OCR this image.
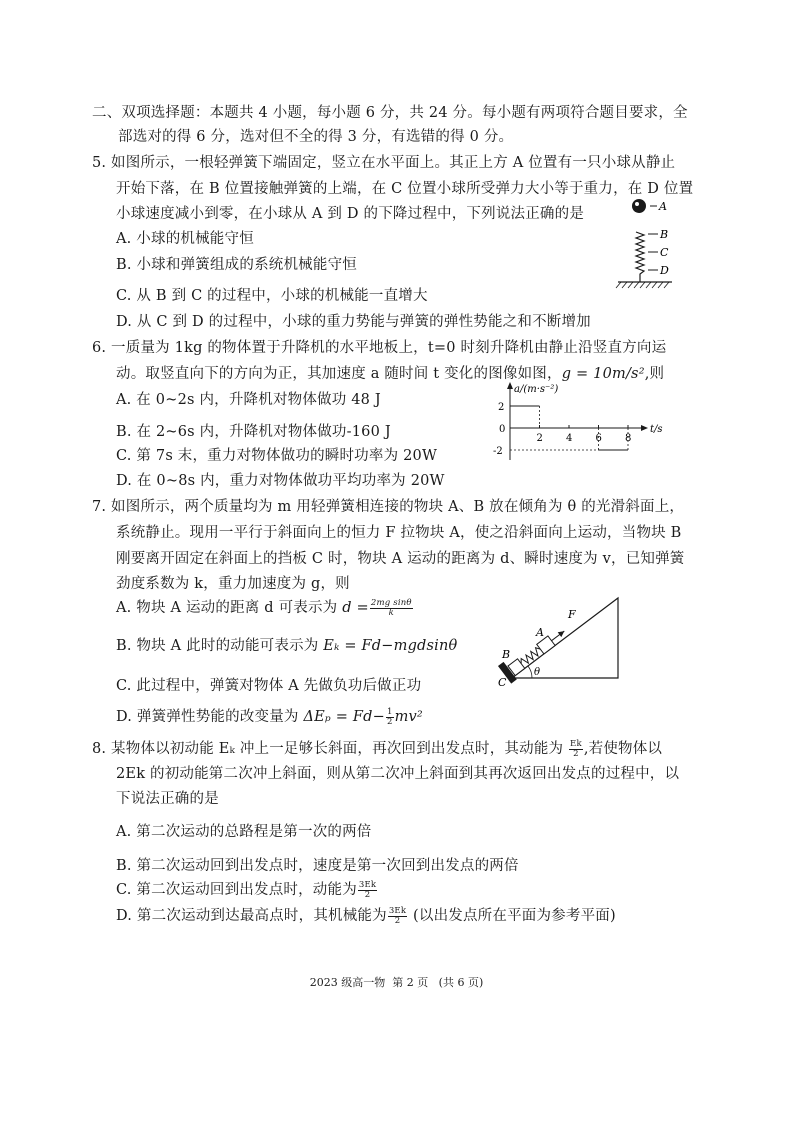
二、双项选择题：本题共 4 小题，每小题 6 分，共 24 分。每小题有两项符合题目要求，全
部选对的得 6 分，选对但不全的得 3 分，有选错的得 0 分。
5. 如图所示，一根轻弹簧下端固定，竖立在水平面上。其正上方 A 位置有一只小球从静止
开始下落，在 B 位置接触弹簧的上端，在 C 位置小球所受弹力大小等于重力，在 D 位置
小球速度减小到零，在小球从 A 到 D 的下降过程中，下列说法正确的是
A. 小球的机械能守恒
B. 小球和弹簧组成的系统机械能守恒
C. 从 B 到 C 的过程中，小球的机械能一直增大
D. 从 C 到 D 的过程中，小球的重力势能与弹簧的弹性势能之和不断增加
A
B
C
D
6. 一质量为 1kg 的物体置于升降机的水平地板上，t=0 时刻升降机由静止沿竖直方向运
动。取竖直向下的方向为正，其加速度 a 随时间 t 变化的图像如图，g = 10m/s²,则
A. 在 0~2s 内，升降机对物体做功 48 J
B. 在 2~6s 内，升降机对物体做功-160 J
C. 第 7s 末，重力对物体做功的瞬时功率为 20W
D. 在 0~8s 内，重力对物体做功平均功率为 20W
a/(m·s⁻²)
t/s
0
2 4 6 8
2
-2
7. 如图所示，两个质量均为 m 用轻弹簧相连接的物块 A、B 放在倾角为 θ 的光滑斜面上，
系统静止。现用一平行于斜面向上的恒力 F 拉物块 A，使之沿斜面向上运动，当物块 B
刚要离开固定在斜面上的挡板 C 时，物块 A 运动的距离为 d、瞬时速度为 v，已知弹簧
劲度系数为 k，重力加速度为 g，则
A. 物块 A 运动的距离 d 可表示为 $d = \frac{\text{2mg sinθ}}{k}$
B. 物块 A 此时的动能可表示为 Eₖ = Fd−mgdsinθ
C. 此过程中，弹簧对物体 A 先做负功后做正功
D. 弹簧弹性势能的改变量为 $\Delta E_p = Fd- \frac{1}{2} mv^2$
B
A
F
C
θ
8. 某物体以初动能 Eₖ 冲上一足够长斜面，再次回到出发点时，其动能为 $\frac{Ek}{2}$ ,若使物体以
2Ek 的初动能第二次冲上斜面，则从第二次冲上斜面到其再次返回出发点的过程中，以
下说法正确的是
A. 第二次运动的总路程是第一次的两倍
B. 第二次运动回到出发点时，速度是第一次回到出发点的两倍
C. 第二次运动回到出发点时，动能为 $\frac{3Ek}{2}$
D. 第二次运动到达最高点时，其机械能为 $\frac{3Ek}{2}$ (以出发点所在平面为参考平面)
2023 级高一物  第 2 页   (共 6 页)
